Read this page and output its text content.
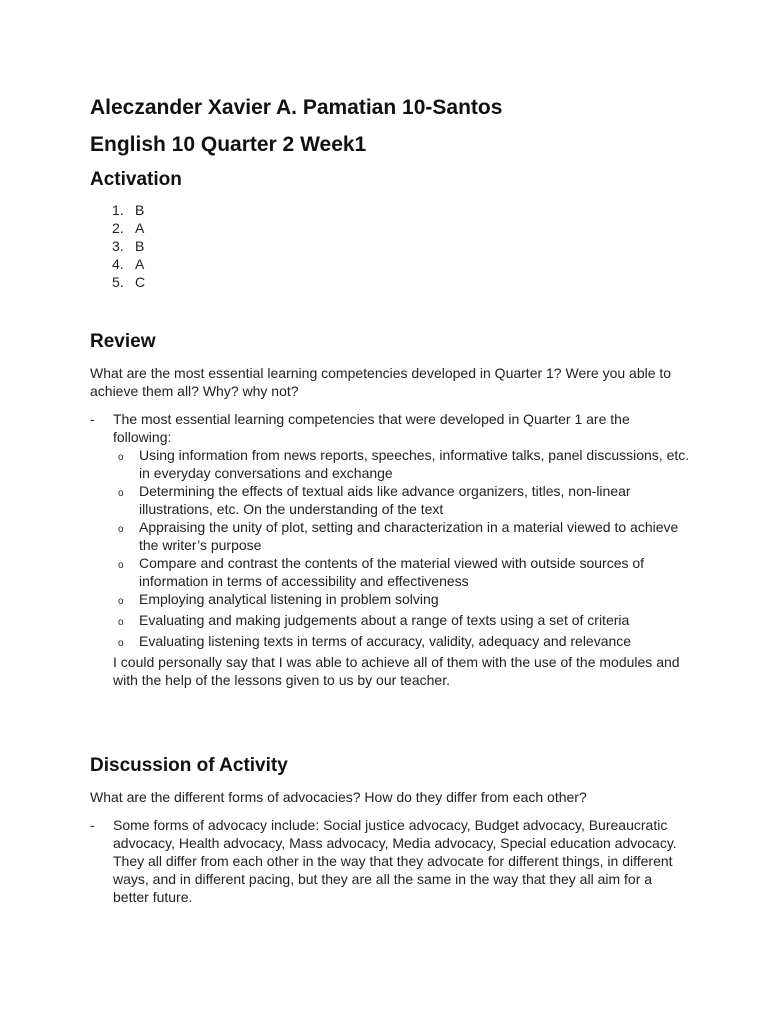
Aleczander Xavier A. Pamatian 10-Santos
English 10 Quarter 2 Week1
Activation
1. B
2. A
3. B
4. A
5. C
Review
What are the most essential learning competencies developed in Quarter 1? Were you able to achieve them all? Why? why not?
-	The most essential learning competencies that were developed in Quarter 1 are the following:
o	Using information from news reports, speeches, informative talks, panel discussions, etc. in everyday conversations and exchange
o	Determining the effects of textual aids like advance organizers, titles, non-linear illustrations, etc. On the understanding of the text
o	Appraising the unity of plot, setting and characterization in a material viewed to achieve the writer’s purpose
o	Compare and contrast the contents of the material viewed with outside sources of information in terms of accessibility and effectiveness
o	Employing analytical listening in problem solving
o	Evaluating and making judgements about a range of texts using a set of criteria
o	Evaluating listening texts in terms of accuracy, validity, adequacy and relevance
I could personally say that I was able to achieve all of them with the use of the modules and with the help of the lessons given to us by our teacher.
Discussion of Activity
What are the different forms of advocacies? How do they differ from each other?
-	Some forms of advocacy include: Social justice advocacy, Budget advocacy, Bureaucratic advocacy, Health advocacy, Mass advocacy, Media advocacy, Special education advocacy. They all differ from each other in the way that they advocate for different things, in different ways, and in different pacing, but they are all the same in the way that they all aim for a better future.
